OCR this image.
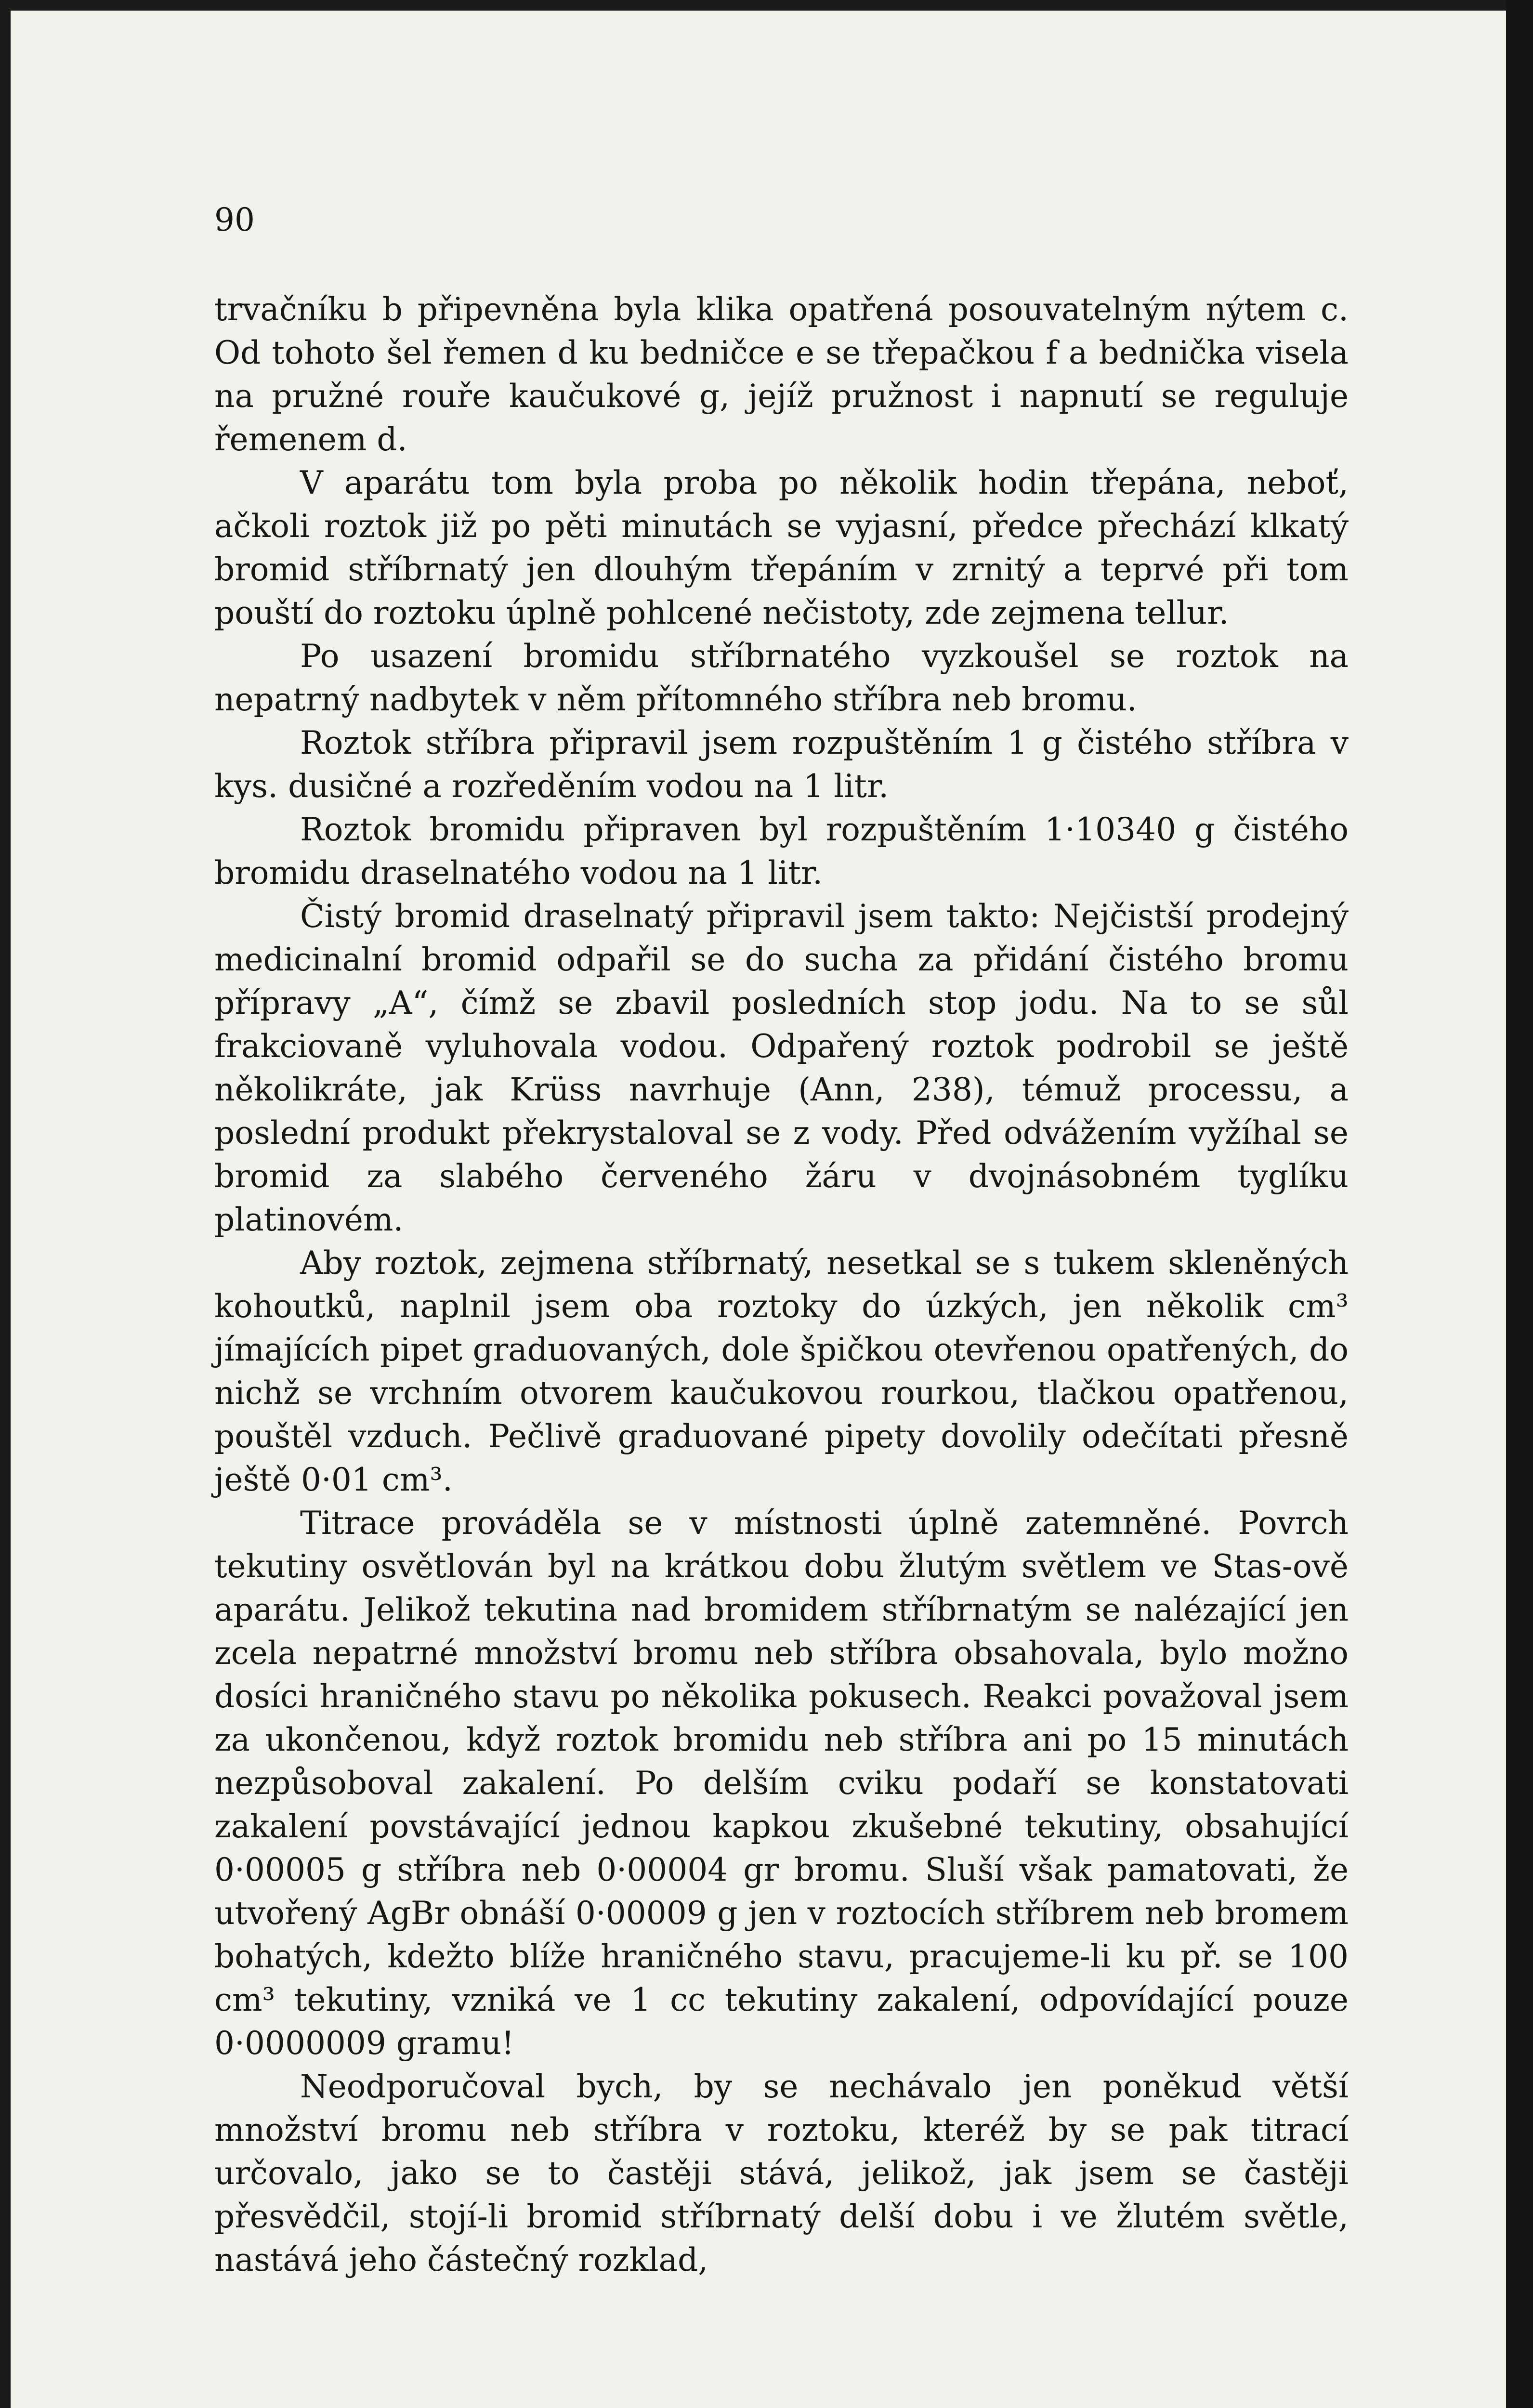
90

trvačníku b připevněna byla klika opatřená posouvatelným nýtem c. Od tohoto šel řemen d ku bedničce e se třepačkou f a bednička visela na pružné rouře kaučukové g, jejíž pružnost i napnutí se reguluje řemenem d.

V aparátu tom byla proba po několik hodin třepána, neboť, ačkoli roztok již po pěti minutách se vyjasní, předce přechází klkatý bromid stříbrnatý jen dlouhým třepáním v zrnitý a teprvé při tom pouští do roztoku úplně pohlcené nečistoty, zde zejmena tellur.

Po usazení bromidu stříbrnatého vyzkoušel se roztok na nepatrný nadbytek v něm přítomného stříbra neb bromu.

Roztok stříbra připravil jsem rozpuštěním 1 g čistého stříbra v kys. dusičné a rozředěním vodou na 1 litr.

Roztok bromidu připraven byl rozpuštěním 1·10340 g čistého bromidu draselnatého vodou na 1 litr.

Čistý bromid draselnatý připravil jsem takto: Nejčistší prodejný medicinalní bromid odpařil se do sucha za přidání čistého bromu přípravy „A“, čímž se zbavil posledních stop jodu. Na to se sůl frakciovaně vyluhovala vodou. Odpařený roztok podrobil se ještě několikráte, jak Krüss navrhuje (Ann, 238), témuž processu, a poslední produkt překrystaloval se z vody. Před odvážením vyžíhal se bromid za slabého červeného žáru v dvojnásobném tyglíku platinovém.

Aby roztok, zejmena stříbrnatý, nesetkal se s tukem skleněných kohoutků, naplnil jsem oba roztoky do úzkých, jen několik cm³ jímajících pipet graduovaných, dole špičkou otevřenou opatřených, do nichž se vrchním otvorem kaučukovou rourkou, tlačkou opatřenou, pouštěl vzduch. Pečlivě graduované pipety dovolily odečítati přesně ještě 0·01 cm³.

Titrace prováděla se v místnosti úplně zatemněné. Povrch tekutiny osvětlován byl na krátkou dobu žlutým světlem ve Stas-ově aparátu. Jelikož tekutina nad bromidem stříbrnatým se nalézající jen zcela nepatrné množství bromu neb stříbra obsahovala, bylo možno dosíci hraničného stavu po několika pokusech. Reakci považoval jsem za ukončenou, když roztok bromidu neb stříbra ani po 15 minutách nezpůsoboval zakalení. Po delším cviku podaří se konstatovati zakalení povstávající jednou kapkou zkušebné tekutiny, obsahující 0·00005 g stříbra neb 0·00004 gr bromu. Sluší však pamatovati, že utvořený AgBr obnáší 0·00009 g jen v roztocích stříbrem neb bromem bohatých, kdežto blíže hraničného stavu, pracujeme-li ku př. se 100 cm³ tekutiny, vzniká ve 1 cc tekutiny zakalení, odpovídající pouze 0·0000009 gramu!

Neodporučoval bych, by se nechávalo jen poněkud větší množství bromu neb stříbra v roztoku, kteréž by se pak titrací určovalo, jako se to častěji stává, jelikož, jak jsem se častěji přesvědčil, stojí-li bromid stříbrnatý delší dobu i ve žlutém světle, nastává jeho částečný rozklad,
